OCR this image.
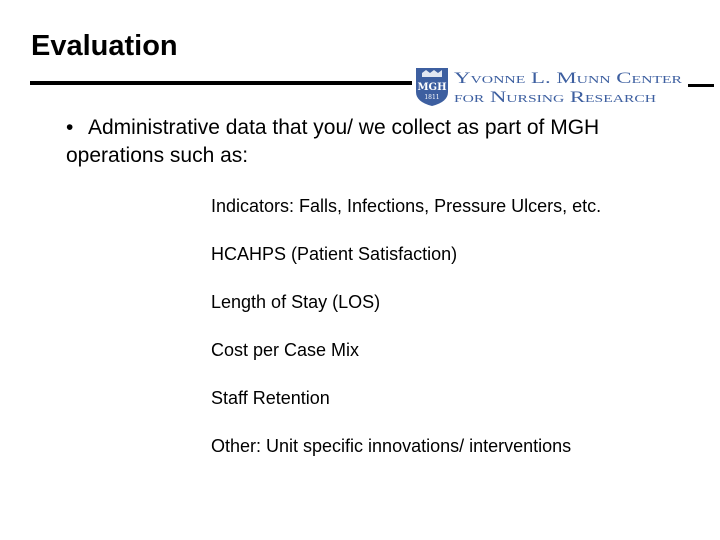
Evaluation
MGH
1811
Yvonne L. Munn Center
for Nursing Research
• Administrative data that you/ we collect as part of MGH operations such as:
Indicators: Falls, Infections, Pressure Ulcers, etc.
HCAHPS (Patient Satisfaction)
Length of Stay (LOS)
Cost per Case Mix
Staff Retention
Other: Unit specific innovations/ interventions
